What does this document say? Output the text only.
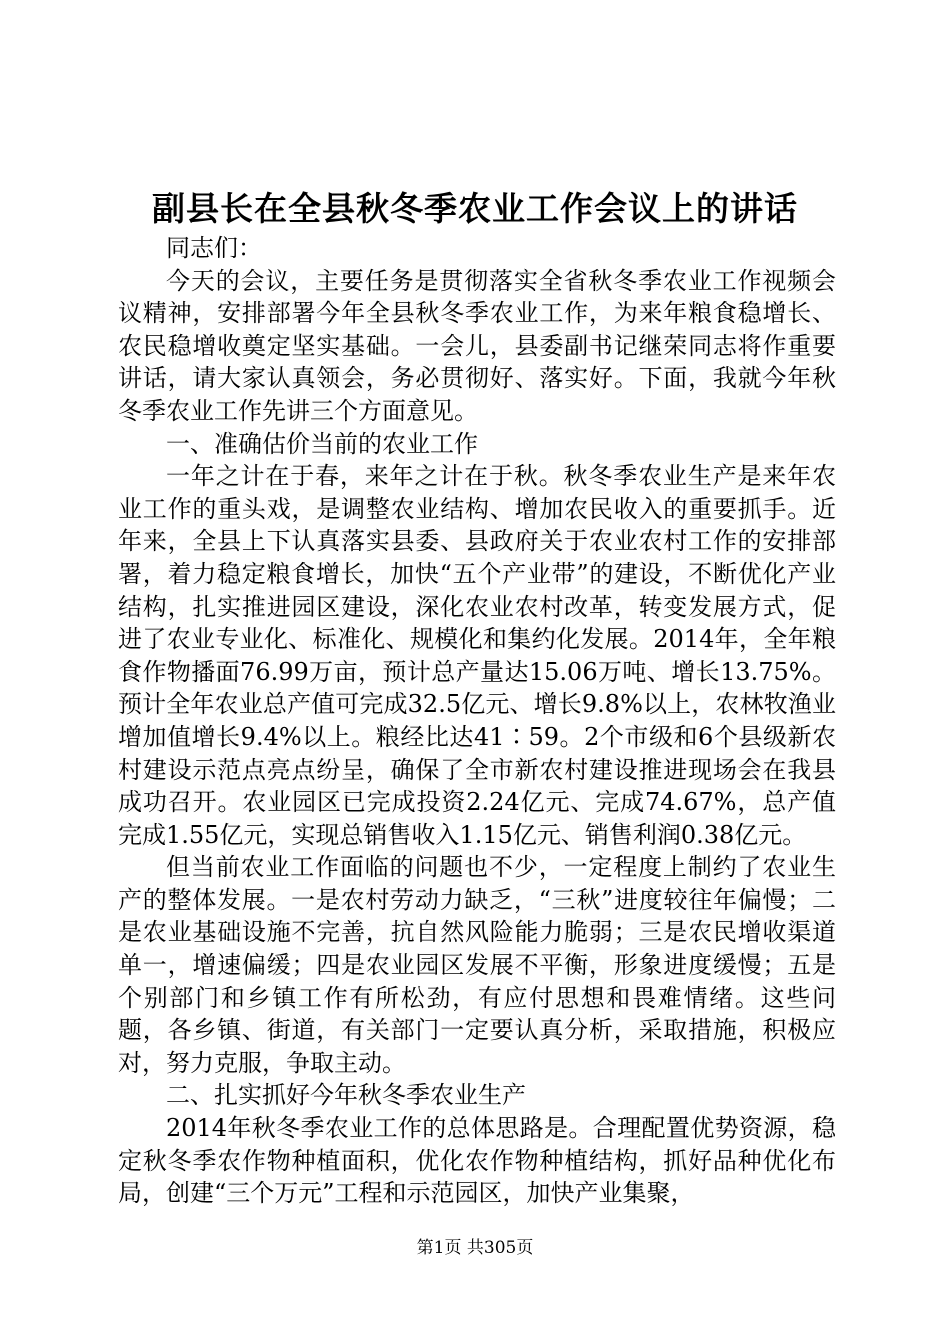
副县长在全县秋冬季农业工作会议上的讲话

同志们：

今天的会议，主要任务是贯彻落实全省秋冬季农业工作视频会议精神，安排部署今年全县秋冬季农业工作，为来年粮食稳增长、农民稳增收奠定坚实基础。一会儿，县委副书记继荣同志将作重要讲话，请大家认真领会，务必贯彻好、落实好。下面，我就今年秋冬季农业工作先讲三个方面意见。

一、准确估价当前的农业工作

一年之计在于春，来年之计在于秋。秋冬季农业生产是来年农业工作的重头戏，是调整农业结构、增加农民收入的重要抓手。近年来，全县上下认真落实县委、县政府关于农业农村工作的安排部署，着力稳定粮食增长，加快“五个产业带”的建设，不断优化产业结构，扎实推进园区建设，深化农业农村改革，转变发展方式，促进了农业专业化、标准化、规模化和集约化发展。2014年，全年粮食作物播面76.99万亩，预计总产量达15.06万吨、增长13.75%。预计全年农业总产值可完成32.5亿元、增长9.8%以上，农林牧渔业增加值增长9.4%以上。粮经比达41∶59。2个市级和6个县级新农村建设示范点亮点纷呈，确保了全市新农村建设推进现场会在我县成功召开。农业园区已完成投资2.24亿元、完成74.67%，总产值完成1.55亿元，实现总销售收入1.15亿元、销售利润0.38亿元。

但当前农业工作面临的问题也不少，一定程度上制约了农业生产的整体发展。一是农村劳动力缺乏，“三秋”进度较往年偏慢；二是农业基础设施不完善，抗自然风险能力脆弱；三是农民增收渠道单一，增速偏缓；四是农业园区发展不平衡，形象进度缓慢；五是个别部门和乡镇工作有所松劲，有应付思想和畏难情绪。这些问题，各乡镇、街道，有关部门一定要认真分析，采取措施，积极应对，努力克服，争取主动。

二、扎实抓好今年秋冬季农业生产

2014年秋冬季农业工作的总体思路是。合理配置优势资源，稳定秋冬季农作物种植面积，优化农作物种植结构，抓好品种优化布局，创建“三个万元”工程和示范园区，加快产业集聚，

第1页 共305页
